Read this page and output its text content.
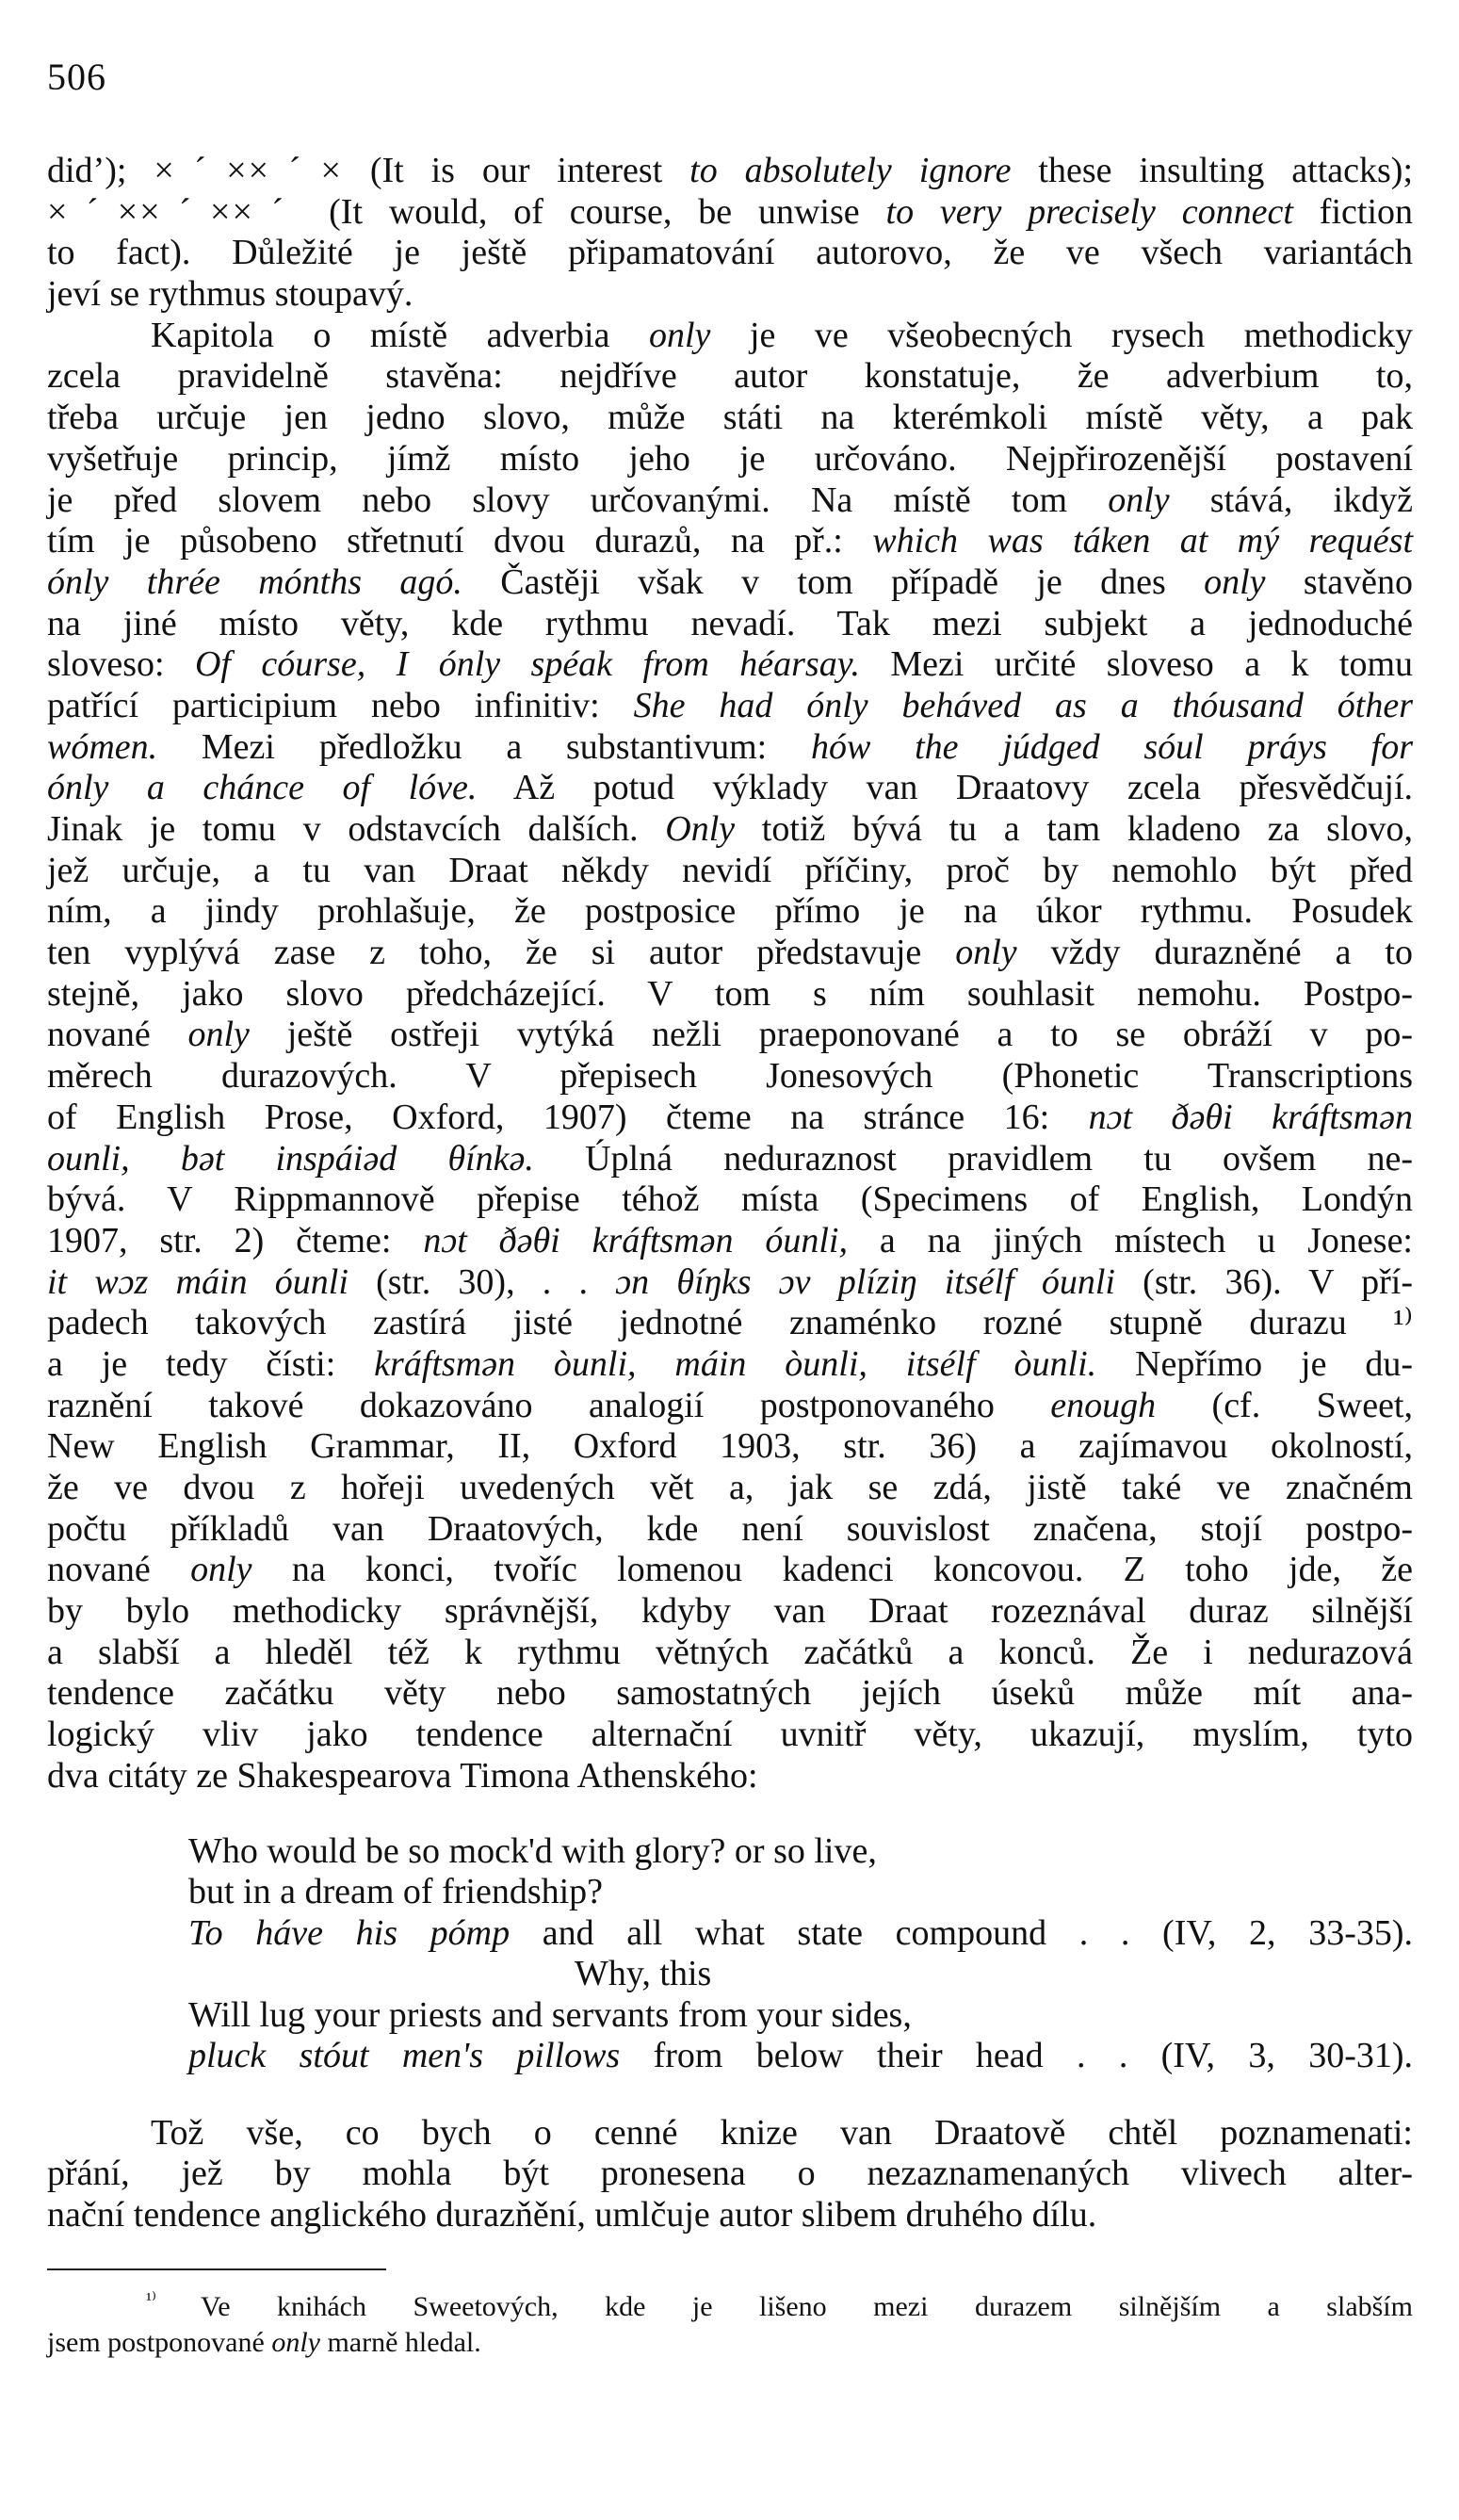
506
didʼ); ×ˊ××ˊ× (It is our interest to absolutely ignore these insulting attacks);
×ˊ××ˊ××ˊ (It would, of course, be unwise to very precisely connect fiction
to fact). Důležité je ještě připamatování autorovo, že ve všech variantách
jeví se rythmus stoupavý.
Kapitola o místě adverbia only je ve všeobecných rysech methodicky
zcela pravidelně stavěna: nejdříve autor konstatuje, že adverbium to,
třeba určuje jen jedno slovo, může státi na kterémkoli místě věty, a pak
vyšetřuje princip, jímž místo jeho je určováno. Nejpřirozenější postavení
je před slovem nebo slovy určovanými. Na místě tom only stává, ikdyž
tím je působeno střetnutí dvou durazů, na př.: which was táken at mý requést
ónly thrée mónths agó. Častěji však v tom případě je dnes only stavěno
na jiné místo věty, kde rythmu nevadí. Tak mezi subjekt a jednoduché
sloveso: Of cóurse, I ónly spéak from héarsay. Mezi určité sloveso a k tomu
patřící participium nebo infinitiv: She had ónly beháved as a thóusand óther
wómen. Mezi předložku a substantivum: hów the júdged sóul práys for
ónly a chánce of lóve. Až potud výklady van Draatovy zcela přesvědčují.
Jinak je tomu v odstavcích dalších. Only totiž bývá tu a tam kladeno za slovo,
jež určuje, a tu van Draat někdy nevidí příčiny, proč by nemohlo být před
ním, a jindy prohlašuje, že postposice přímo je na úkor rythmu. Posudek
ten vyplývá zase z toho, že si autor představuje only vždy durazněné a to
stejně, jako slovo předcházející. V tom s ním souhlasit nemohu. Postpo-
nované only ještě ostřeji vytýká nežli praeponované a to se obráží v po-
měrech durazových. V přepisech Jonesových (Phonetic Transcriptions
of English Prose, Oxford, 1907) čteme na stránce 16: nɔt ðəθi kráftsmən
ounli, bət inspáiəd θínkə. Úplná neduraznost pravidlem tu ovšem ne-
bývá. V Rippmannově přepise téhož místa (Specimens of English, Londýn
1907, str. 2) čteme: nɔt ðəθi kráftsmən óunli, a na jiných místech u Jonese:
it wɔz máin óunli (str. 30), . . ɔn θíŋks ɔv plíziŋ itsélf óunli (str. 36). V pří-
padech takových zastírá jisté jednotné znaménko rozné stupně durazu ¹⁾
a je tedy čísti: kráftsmən òunli, máin òunli, itsélf òunli. Nepřímo je du-
raznění takové dokazováno analogií postponovaného enough (cf. Sweet,
New English Grammar, II, Oxford 1903, str. 36) a zajímavou okolností,
že ve dvou z hořeji uvedených vět a, jak se zdá, jistě také ve značném
počtu příkladů van Draatových, kde není souvislost značena, stojí postpo-
nované only na konci, tvoříc lomenou kadenci koncovou. Z toho jde, že
by bylo methodicky správnější, kdyby van Draat rozeznával duraz silnější
a slabší a hleděl též k rythmu větných začátků a konců. Že i nedurazová
tendence začátku věty nebo samostatných jejích úseků může mít ana-
logický vliv jako tendence alternační uvnitř věty, ukazují, myslím, tyto
dva citáty ze Shakespearova Timona Athenského:
Who would be so mock'd with glory? or so live,
but in a dream of friendship?
To háve his pómp and all what state compound . . (IV, 2, 33-35).
Why, this
Will lug your priests and servants from your sides,
pluck stóut men's pillows from below their head . . (IV, 3, 30-31).
Tož vše, co bych o cenné knize van Draatově chtěl poznamenati:
přání, jež by mohla být pronesena o nezaznamenaných vlivech alter-
nační tendence anglického durazňění, umlčuje autor slibem druhého dílu.
$^{^{1)}}$ Ve knihách Sweetových, kde je lišeno mezi durazem silnějším a slabším
jsem postponované only marně hledal.
